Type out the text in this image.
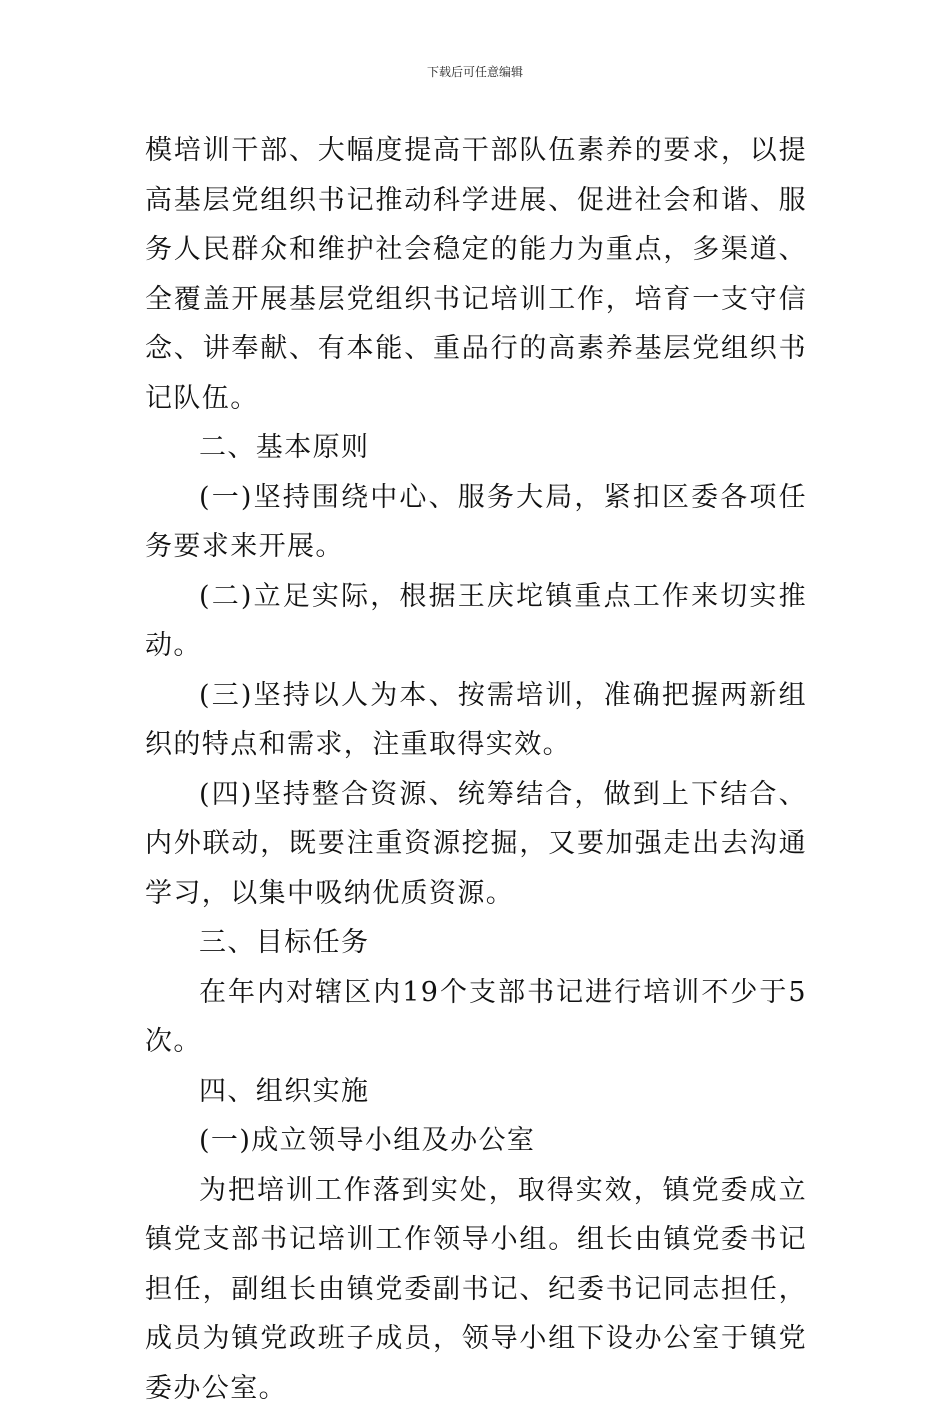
下载后可任意编辑

模培训干部、大幅度提高干部队伍素养的要求，以提高基层党组织书记推动科学进展、促进社会和谐、服务人民群众和维护社会稳定的能力为重点，多渠道、全覆盖开展基层党组织书记培训工作，培育一支守信念、讲奉献、有本能、重品行的高素养基层党组织书记队伍。

二、基本原则

(一)坚持围绕中心、服务大局，紧扣区委各项任务要求来开展。

(二)立足实际，根据王庆坨镇重点工作来切实推动。

(三)坚持以人为本、按需培训，准确把握两新组织的特点和需求，注重取得实效。

(四)坚持整合资源、统筹结合，做到上下结合、内外联动，既要注重资源挖掘，又要加强走出去沟通学习，以集中吸纳优质资源。

三、目标任务

在年内对辖区内19个支部书记进行培训不少于5次。

四、组织实施

(一)成立领导小组及办公室

为把培训工作落到实处，取得实效，镇党委成立镇党支部书记培训工作领导小组。组长由镇党委书记担任，副组长由镇党委副书记、纪委书记同志担任，成员为镇党政班子成员，领导小组下设办公室于镇党委办公室。
